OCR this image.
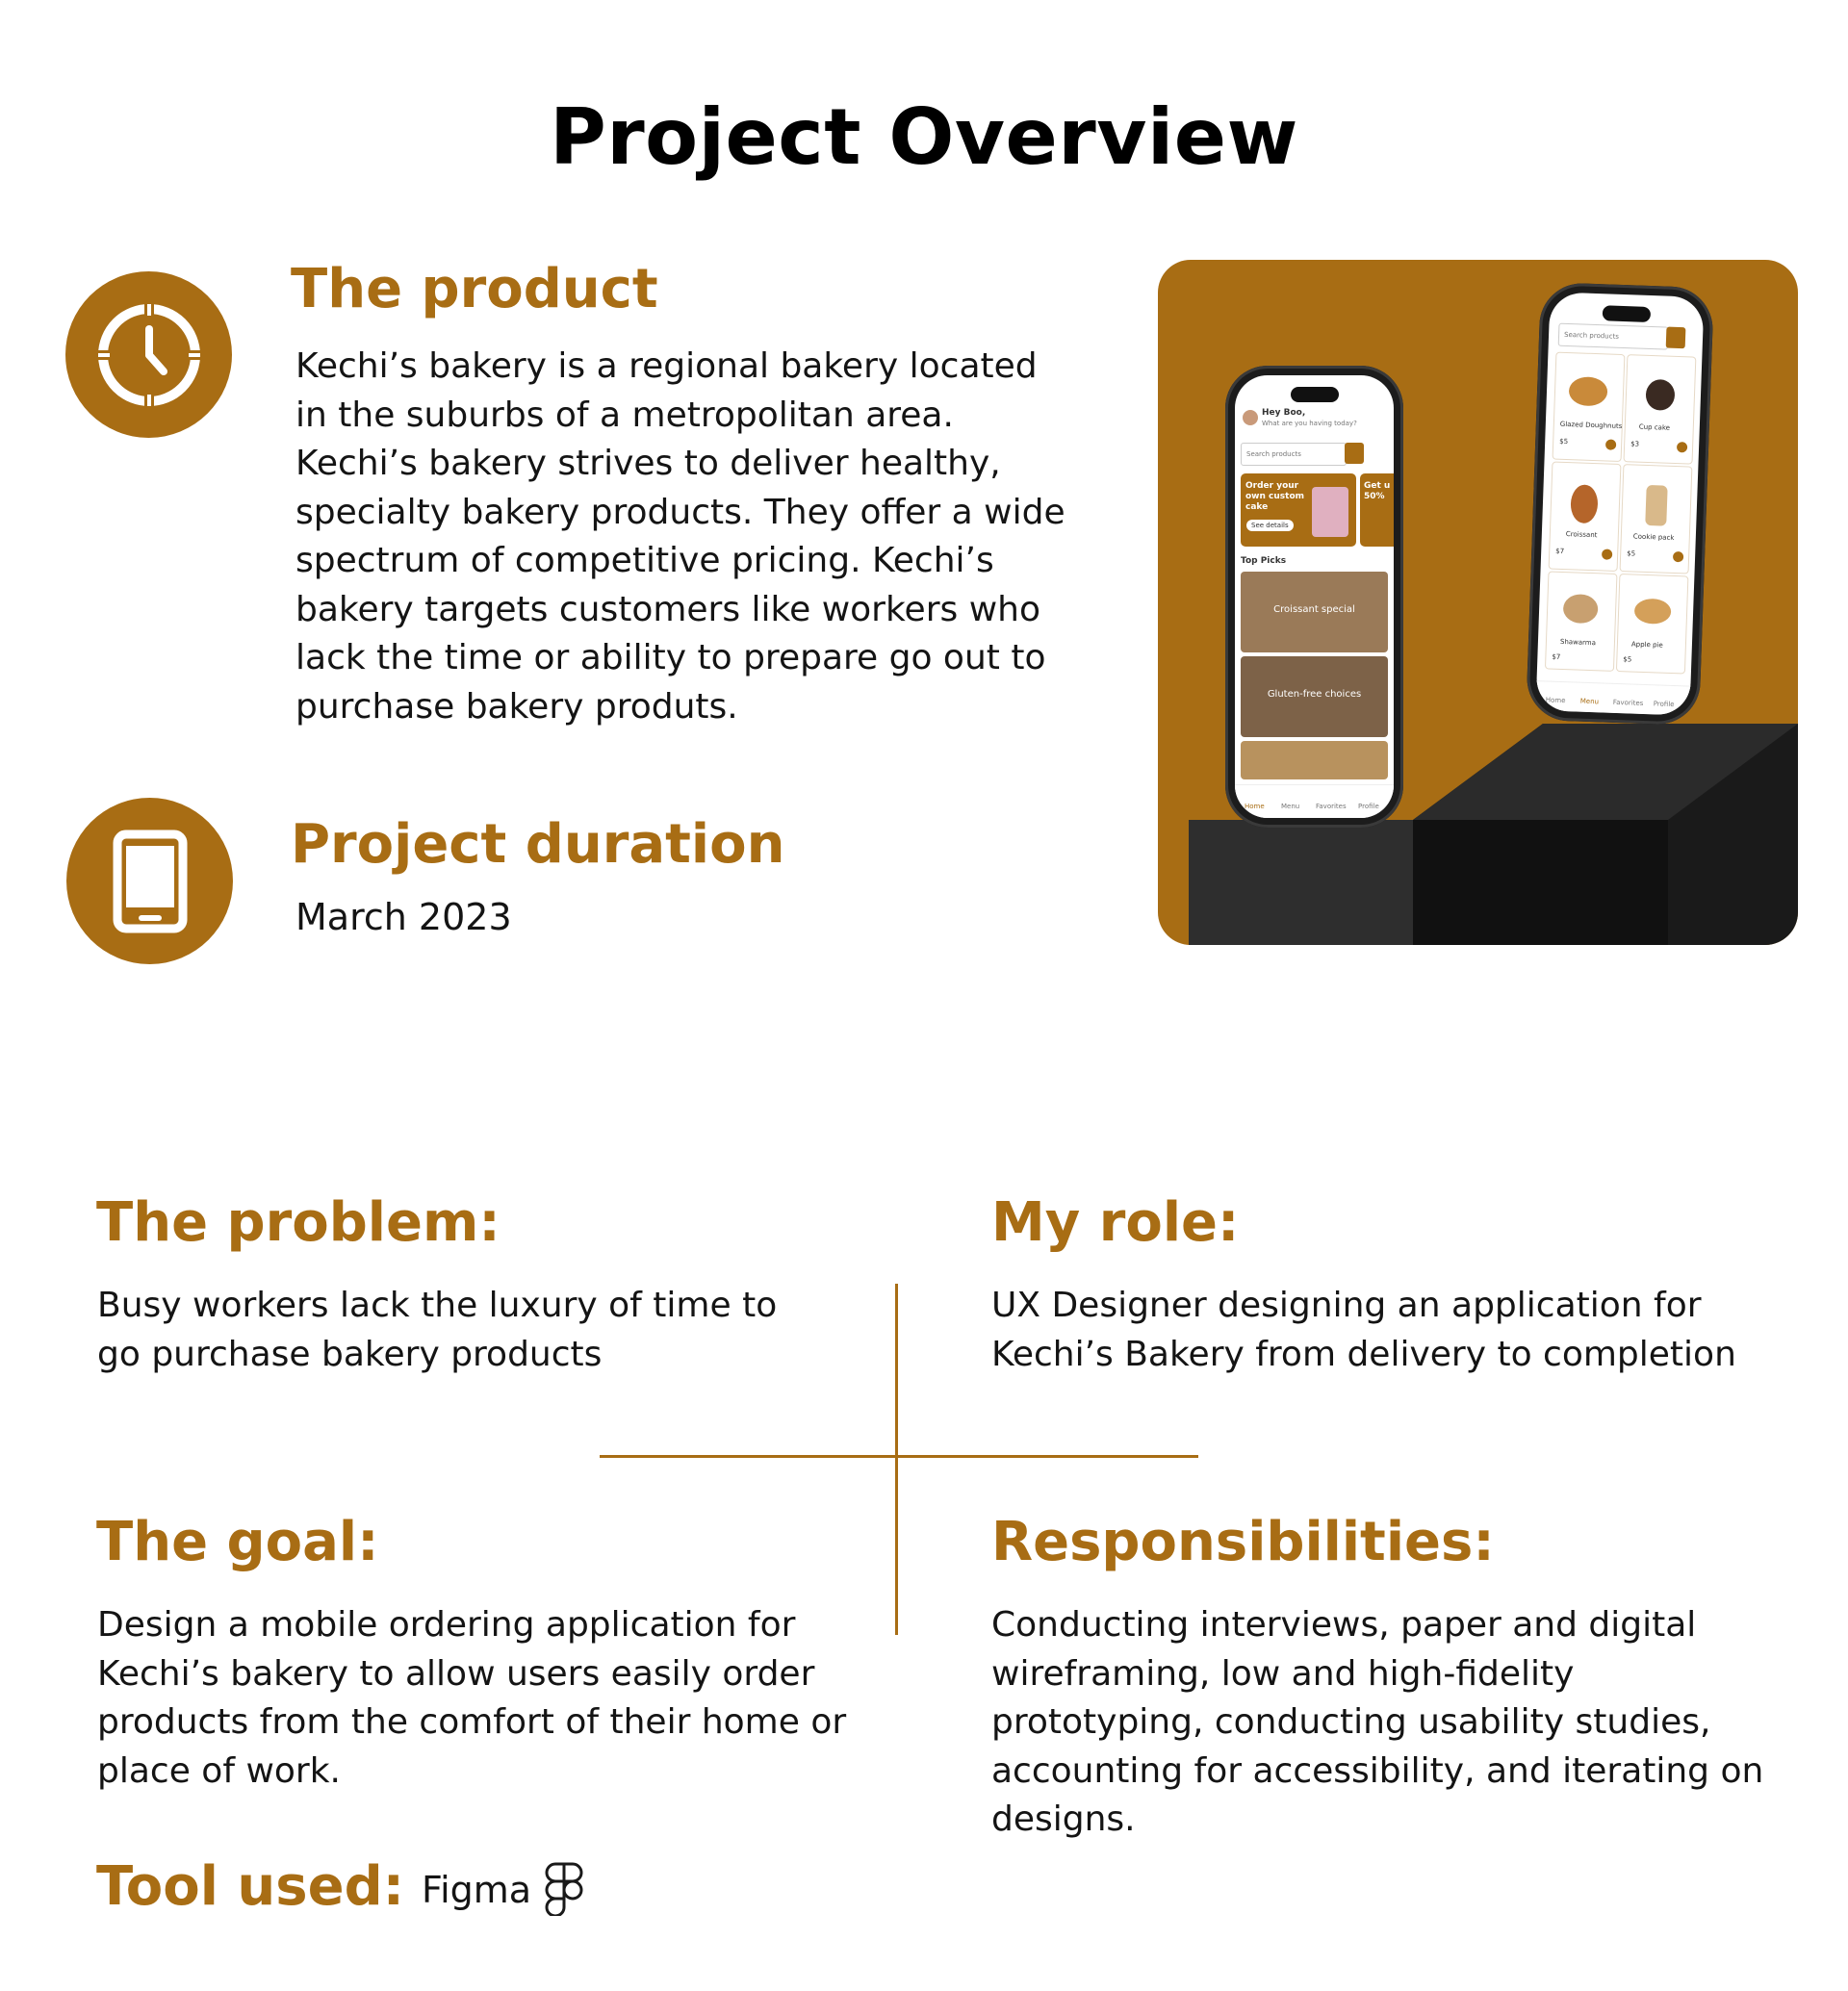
Project Overview
The product
Kechi’s bakery is a regional bakery located in the suburbs of a metropolitan area. Kechi’s bakery strives to deliver healthy, specialty bakery products. They offer a wide spectrum of competitive pricing. Kechi’s bakery targets customers like workers who lack the time or ability to prepare go out to purchase bakery produts.
Project duration
March 2023
Hey Boo,
What are you having today?
Search products
Order your own custom cake
See details
Get u 50%
Top Picks
Croissant special
Gluten-free choices
Home Menu Favorites Profile
Search products
Glazed Doughnuts
$5
Cup cake
$3
Croissant
$7
Cookie pack
$5
Shawarma
$7
Apple pie
$5
Home Menu Favorites Profile
The problem:
Busy workers lack the luxury of time to go purchase bakery products
My role:
UX Designer designing an application for Kechi’s Bakery from delivery to completion
The goal:
Design a mobile ordering application for Kechi’s bakery to allow users easily order products from the comfort of their home or place of work.
Responsibilities:
Conducting interviews, paper and digital wireframing, low and high-fidelity prototyping, conducting usability studies, accounting for accessibility, and iterating on designs.
Tool used: Figma
